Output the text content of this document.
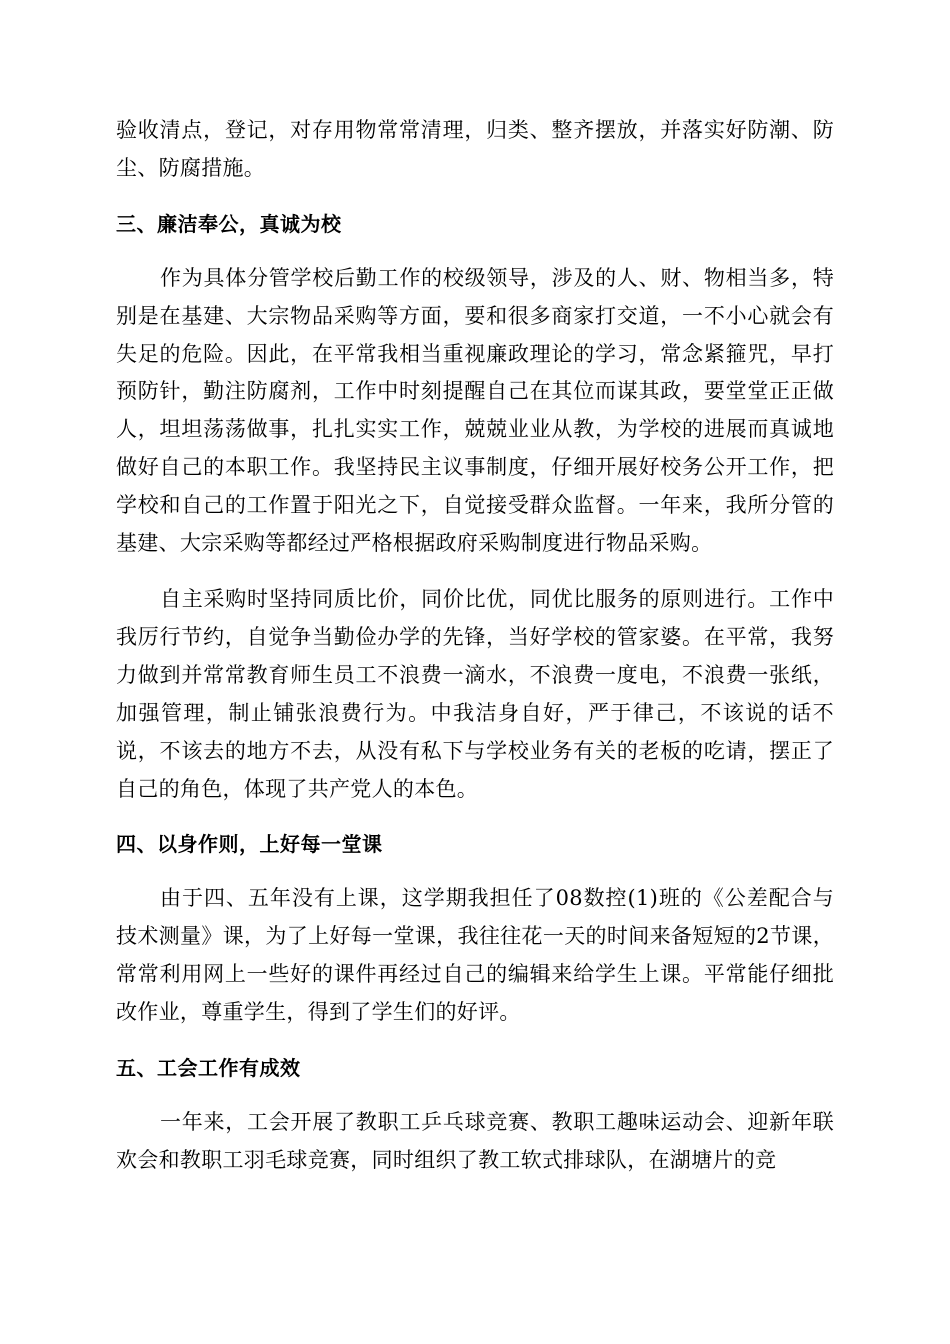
验收清点，登记，对存用物常常清理，归类、整齐摆放，并落实好防潮、防尘、防腐措施。

三、廉洁奉公，真诚为校

作为具体分管学校后勤工作的校级领导，涉及的人、财、物相当多，特别是在基建、大宗物品采购等方面，要和很多商家打交道，一不小心就会有失足的危险。因此，在平常我相当重视廉政理论的学习，常念紧箍咒，早打预防针，勤注防腐剂，工作中时刻提醒自己在其位而谋其政，要堂堂正正做人，坦坦荡荡做事，扎扎实实工作，兢兢业业从教，为学校的进展而真诚地做好自己的本职工作。我坚持民主议事制度，仔细开展好校务公开工作，把学校和自己的工作置于阳光之下，自觉接受群众监督。一年来，我所分管的基建、大宗采购等都经过严格根据政府采购制度进行物品采购。

自主采购时坚持同质比价，同价比优，同优比服务的原则进行。工作中我厉行节约，自觉争当勤俭办学的先锋，当好学校的管家婆。在平常，我努力做到并常常教育师生员工不浪费一滴水，不浪费一度电，不浪费一张纸，加强管理，制止铺张浪费行为。中我洁身自好，严于律己，不该说的话不说，不该去的地方不去，从没有私下与学校业务有关的老板的吃请，摆正了自己的角色，体现了共产党人的本色。

四、以身作则，上好每一堂课

由于四、五年没有上课，这学期我担任了08数控(1)班的《公差配合与技术测量》课，为了上好每一堂课，我往往花一天的时间来备短短的2节课，常常利用网上一些好的课件再经过自己的编辑来给学生上课。平常能仔细批改作业，尊重学生，得到了学生们的好评。

五、工会工作有成效

一年来，工会开展了教职工乒乓球竞赛、教职工趣味运动会、迎新年联欢会和教职工羽毛球竞赛，同时组织了教工软式排球队，在湖塘片的竞
